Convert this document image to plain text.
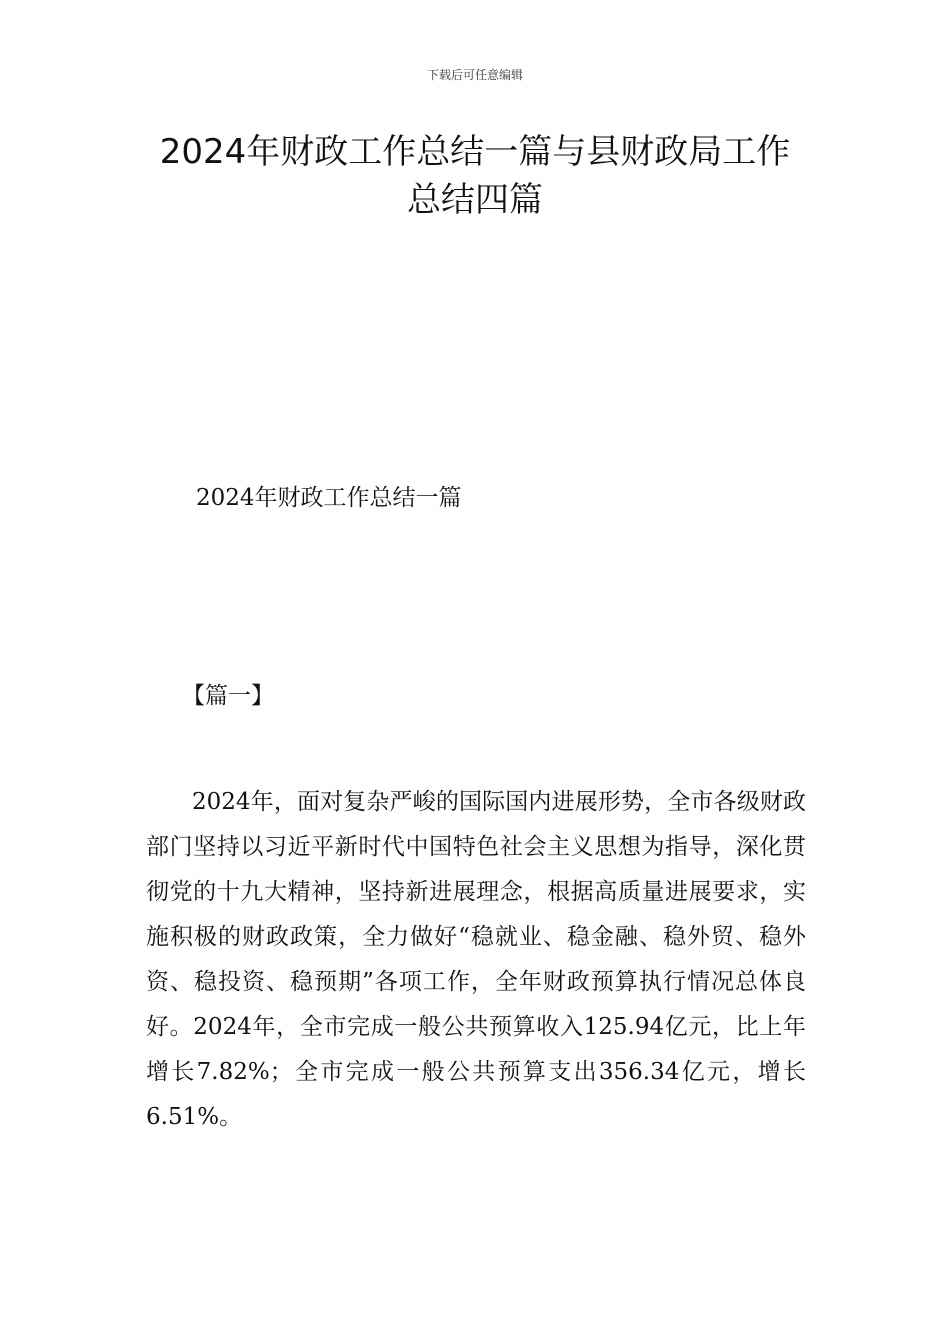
下载后可任意编辑
2024年财政工作总结一篇与县财政局工作
总结四篇
2024年财政工作总结一篇
【篇一】

2024年，面对复杂严峻的国际国内进展形势，全市各级财政部门坚持以习近平新时代中国特色社会主义思想为指导，深化贯彻党的十九大精神，坚持新进展理念，根据高质量进展要求，实施积极的财政政策，全力做好“稳就业、稳金融、稳外贸、稳外资、稳投资、稳预期”各项工作，全年财政预算执行情况总体良好。2024年，全市完成一般公共预算收入125.94亿元，比上年增长7.82%；全市完成一般公共预算支出356.34亿元，增长6.51%。
